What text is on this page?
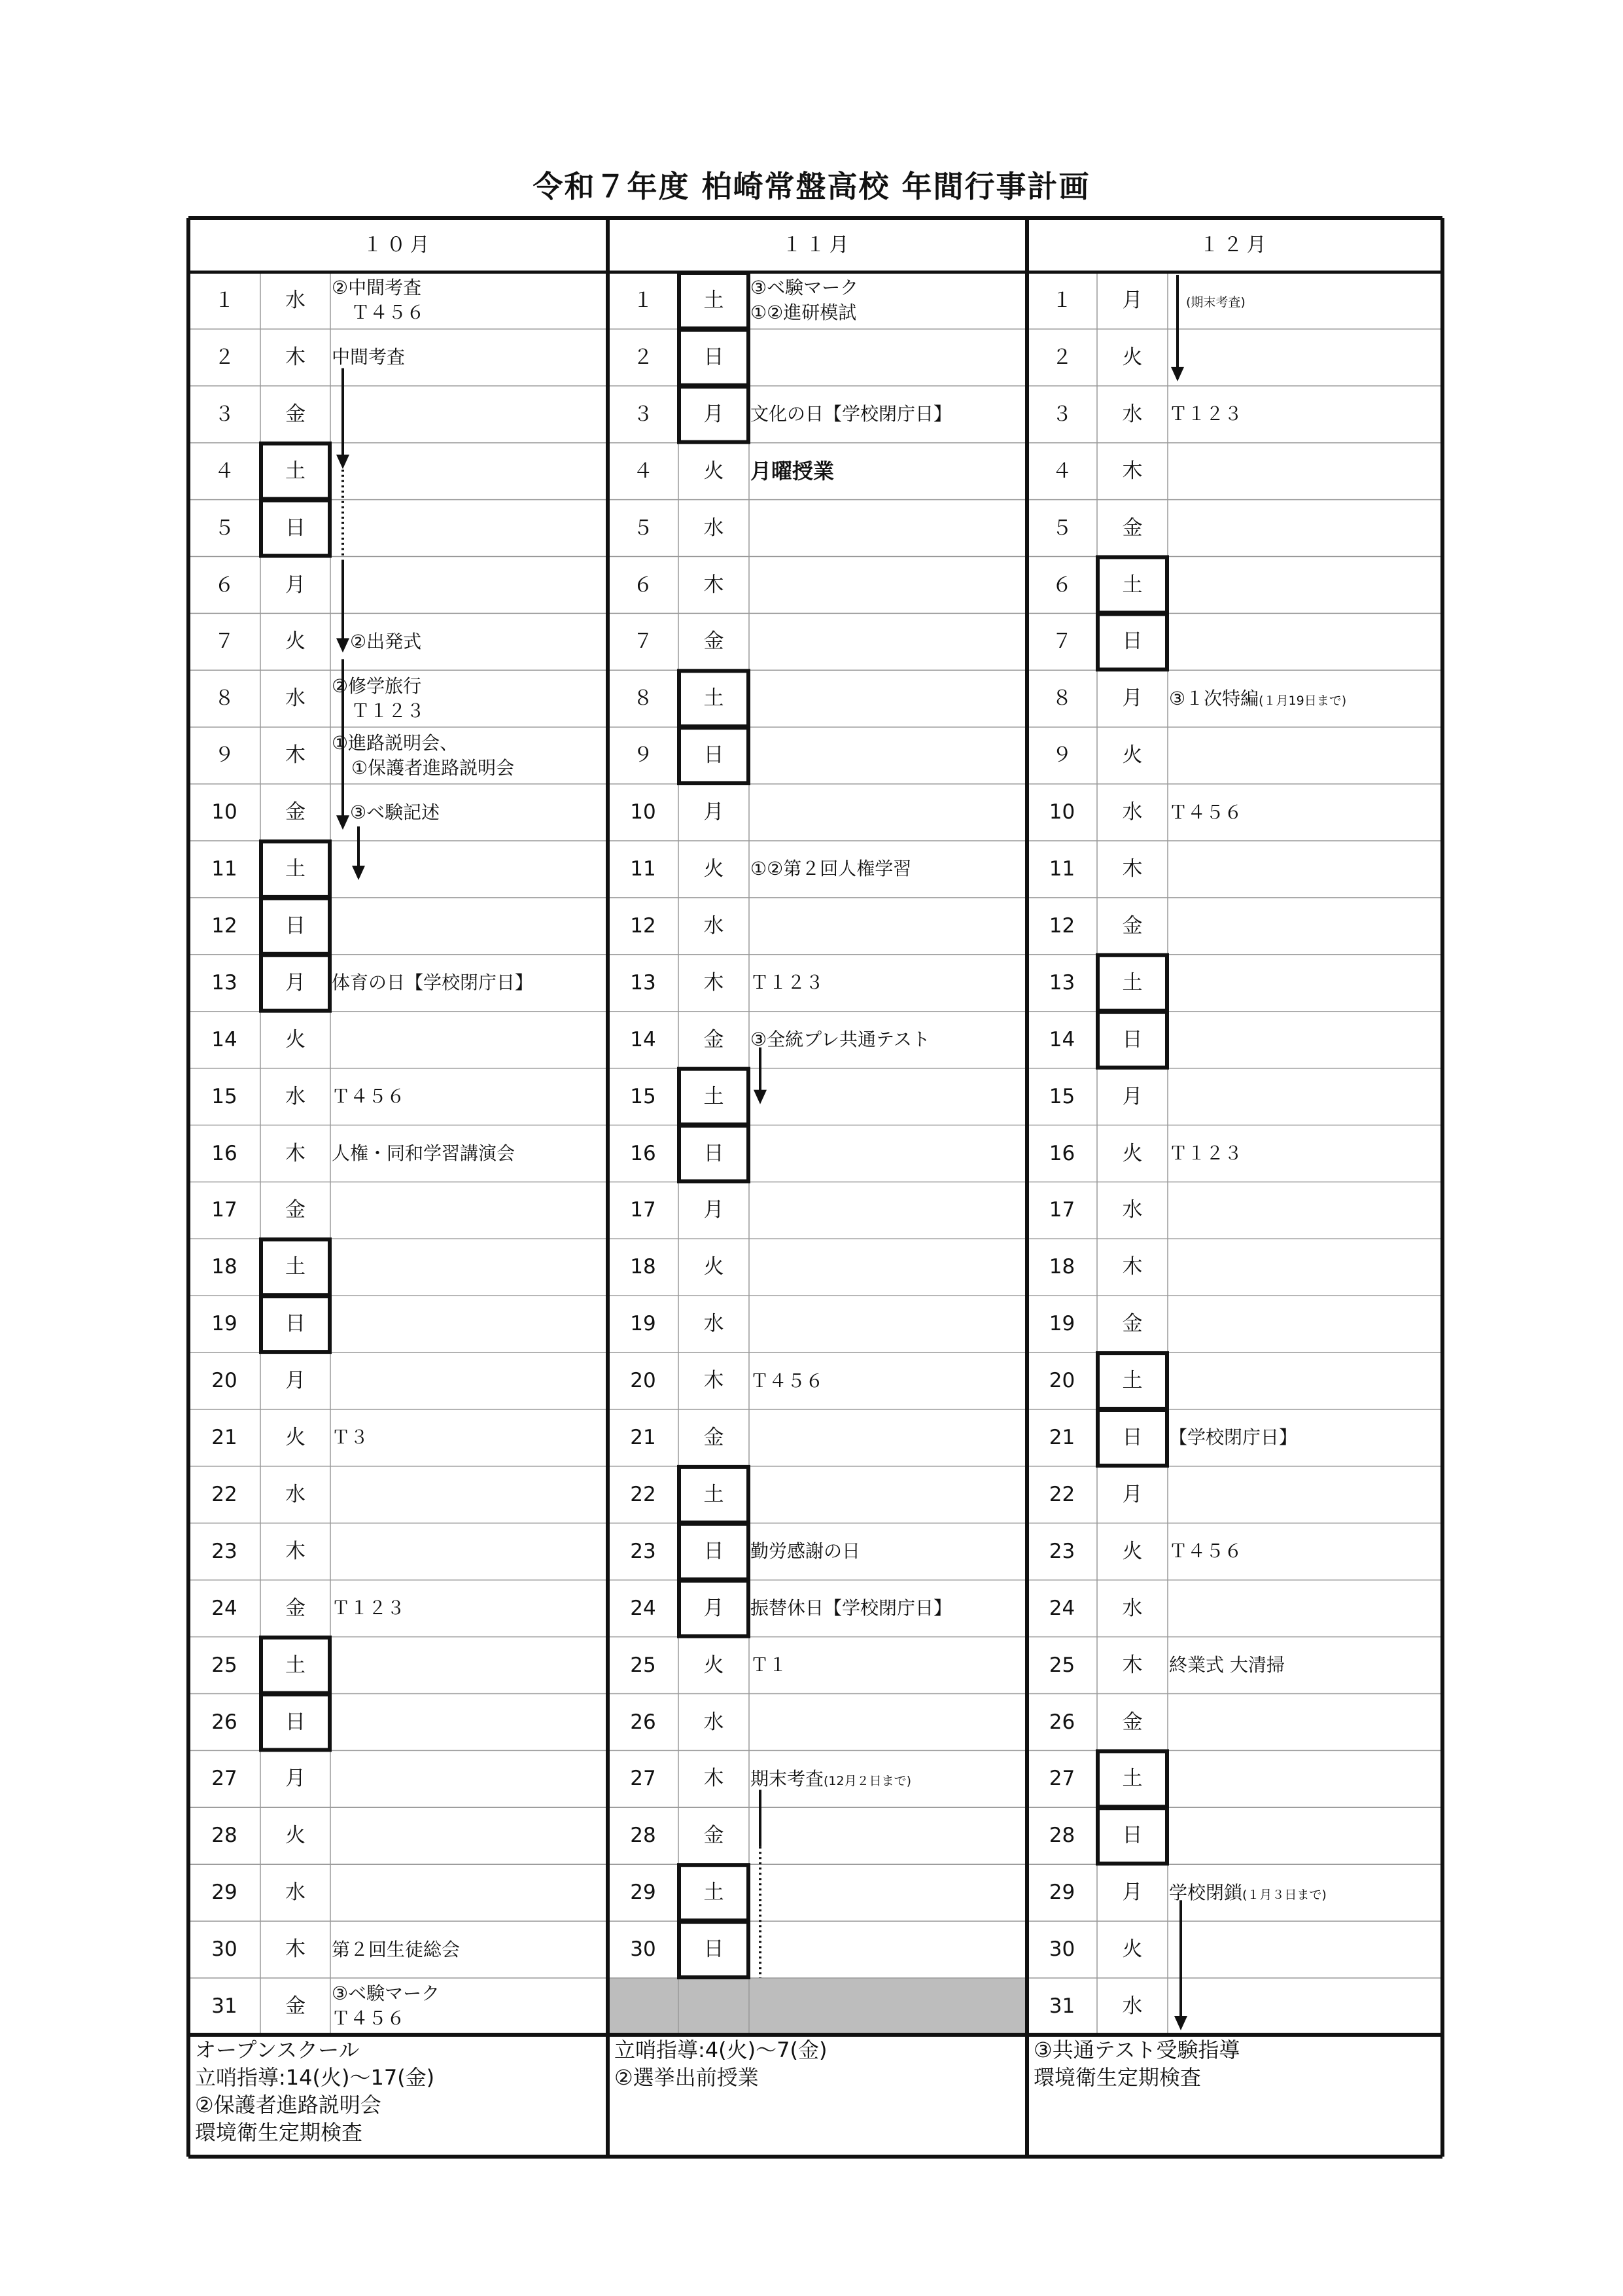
令和７年度 柏崎常盤高校 年間行事計画
１０月
１	水
②中間考査
Ｔ４５６
２	木	中間考査
３	金
４	土
５	日
６	月
７	火	②出発式
８	水
②修学旅行
Ｔ１２３
９	木
①進路説明会、
①保護者進路説明会
10	金	③ベ験記述
11	土
12	日
13	月	体育の日【学校閉庁日】
14	火
15	水	Ｔ４５６
16	木	人権・同和学習講演会
17	金
18	土
19	日
20	月
21	火	Ｔ３
22	水
23	木
24	金	Ｔ１２３
25	土
26	日
27	月
28	火
29	水
30	木	第２回生徒総会
31	金
③ベ験マーク
Ｔ４５６
オープンスクール
立哨指導:14(火)～17(金)
②保護者進路説明会
環境衛生定期検査
１１月
１	土
③ベ験マーク
①②進研模試
２	日
３	月	文化の日【学校閉庁日】
４	火	月曜授業
５	水
６	木
７	金
８	土
９	日
10	月
11	火	①②第２回人権学習
12	水
13	木	Ｔ１２３
14	金	③全統プレ共通テスト
15	土
16	日
17	月
18	火
19	水
20	木	Ｔ４５６
21	金
22	土
23	日	勤労感謝の日
24	月	振替休日【学校閉庁日】
25	火	Ｔ１
26	水
27	木	期末考査(12月２日まで)
28	金
29	土
30	日
立哨指導:4(火)～7(金)
②選挙出前授業
１２月
１	月	(期末考査)
２	火
３	水	Ｔ１２３
４	木
５	金
６	土
７	日
８	月	③１次特編(１月19日まで)
９	火
10	水	Ｔ４５６
11	木
12	金
13	土
14	日
15	月
16	火	Ｔ１２３
17	水
18	木
19	金
20	土
21	日	【学校閉庁日】
22	月
23	火	Ｔ４５６
24	水
25	木	終業式 大清掃
26	金
27	土
28	日
29	月	学校閉鎖(１月３日まで)
30	火
31	水
③共通テスト受験指導
環境衛生定期検査
